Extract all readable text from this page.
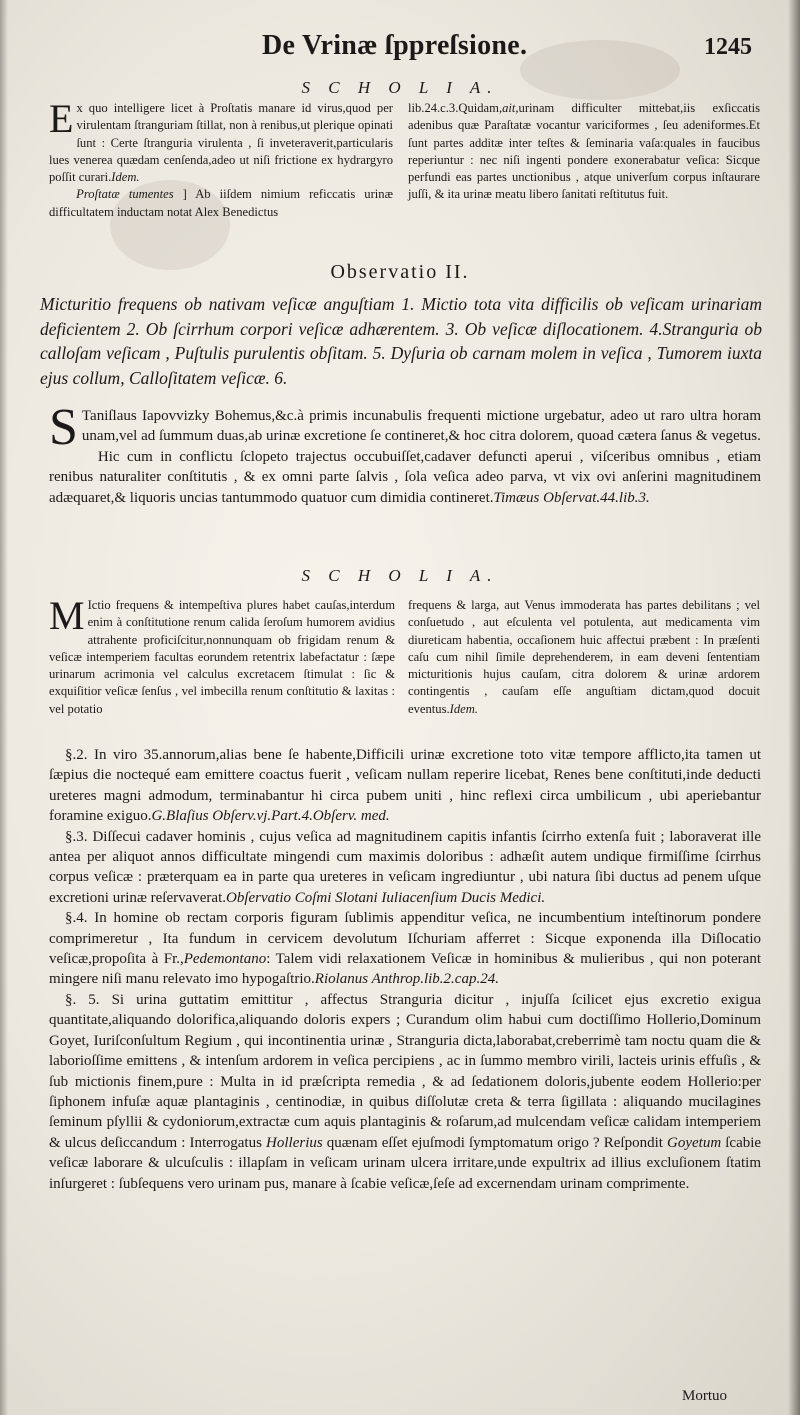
De Vrinæ ſppreſsione.	1245
S C H O L I A.

Ex quo intelligere licet à Proſtatis manare id virus,quod per virulentam ſtranguriam ſtillat, non à renibus,ut plerique opinati ſunt : Certe ſtranguria virulenta , ſi inveteraverit,particularis lues venerea quædam cenſenda,adeo ut niſi frictione ex hydrargyro poſſit curari.Idem.

Proſtatæ tumentes ] Ab iiſdem nimium reficcatis urinæ difficultatem inductam notat Alex Benedictus

lib.24.c.3.Quidam,ait,urinam difficulter mittebat,iis exſiccatis adenibus quæ Paraſtatæ vocantur variciformes , ſeu adeniformes.Et ſunt partes additæ inter teſtes & ſeminaria vaſa:quales in faucibus reperiuntur : nec niſi ingenti pondere exonerabatur veſica: Sicque perfundi eas partes unctionibus , atque univerſum corpus inſtaurare juſſi, & ita urinæ meatu libero ſanitati reſtitutus fuit.

Observatio II.

Micturitio frequens ob nativam veſicæ anguſtiam 1. Mictio tota vita difficilis ob veſicam urinariam deficientem 2. Ob ſcirrhum corpori veſicæ adhærentem. 3. Ob veſicæ diſlocationem. 4.Stranguria ob calloſam veſicam , Puſtulis purulentis obſitam. 5. Dyſuria ob carnam molem in veſica , Tumorem iuxta ejus collum, Calloſitatem veſicæ. 6.

S Taniſlaus Iapovvizky Bohemus,&c.à primis incunabulis frequenti mictione urgebatur, adeo ut raro ultra horam unam,vel ad ſummum duas,ab urinæ excretione ſe contineret,& hoc citra dolorem, quoad cætera ſanus & vegetus.

Hic cum in conflictu ſclopeto trajectus occubuiſſet,cadaver defuncti aperui , viſceribus omnibus , etiam renibus naturaliter conſtitutis , & ex omni parte ſalvis , ſola veſica adeo parva, vt vix ovi anſerini magnitudinem adæquaret,& liquoris uncias tantummodo quatuor cum dimidia contineret.Timæus Obſervat.44.lib.3.

S C H O L I A.

M Ictio frequens & intempeſtiva plures habet cauſas,interdum enim à conſtitutione renum calida ſeroſum humorem avidius attrahente proficiſcitur,nonnunquam ob frigidam renum & veſicæ intemperiem facultas eorundem retentrix labefactatur : ſæpe urinarum acrimonia vel calculus excretacem ſtimulat : ſic & exquiſitior veſicæ ſenſus , vel imbecilla renum conſtitutio & laxitas : vel potatio

frequens & larga, aut Venus immoderata has partes debilitans ; vel conſuetudo , aut eſculenta vel potulenta, aut medicamenta vim diureticam habentia, occaſionem huic affectui præbent : In præſenti caſu cum nihil ſimile deprehenderem, in eam deveni ſententiam micturitionis hujus cauſam, citra dolorem & urinæ ardorem contingentis , cauſam eſſe anguſtiam dictam,quod docuit eventus.Idem.

§.2. In viro 35.annorum,alias bene ſe habente,Difficili urinæ excretione toto vitæ tempore afflicto,ita tamen ut ſæpius die noctequé eam emittere coactus fuerit , veſicam nullam reperire licebat, Renes bene conſtituti,inde deducti ureteres magni admodum, terminabantur hi circa pubem uniti , hinc reflexi circa umbilicum , ubi aperiebantur foramine exiguo.G.Blaſius Obſerv.vj.Part.4.Obſerv. med.

§.3. Diſſecui cadaver hominis , cujus veſica ad magnitudinem capitis infantis ſcirrho extenſa fuit ; laboraverat ille antea per aliquot annos difficultate mingendi cum maximis doloribus : adhæſit autem undique firmiſſime ſcirrhus corpus veſicæ : præterquam ea in parte qua ureteres in veſicam ingrediuntur , ubi natura ſibi ductus ad penem uſque excretioni urinæ reſervaverat.Obſervatio Coſmi Slotani Iuliacenſium Ducis Medici.

§.4. In homine ob rectam corporis figuram ſublimis appenditur veſica, ne incumbentium inteſtinorum pondere comprimeretur , Ita fundum in cervicem devolutum Iſchuriam afferret : Sicque exponenda illa Diſlocatio veſicæ,propoſita à Fr.,Pedemontano: Talem vidi relaxationem Veſicæ in hominibus & mulieribus , qui non poterant mingere niſi manu relevato imo hypogaſtrio.Riolanus Anthrop.lib.2.cap.24.

§. 5. Si urina guttatim emittitur , affectus Stranguria dicitur , injuſſa ſcilicet ejus excretio exigua quantitate,aliquando dolorifica,aliquando doloris expers ; Curandum olim habui cum doctiſſimo Hollerio,Dominum Goyet, Iuriſconſultum Regium , qui incontinentia urinæ , Stranguria dicta,laborabat,creberrimè tam noctu quam die & laborioſſime emittens , & intenſum ardorem in veſica percipiens , ac in ſummo membro virili, lacteis urinis effuſis , & ſub mictionis finem,pure : Multa in id præſcripta remedia , & ad ſedationem doloris,jubente eodem Hollerio:per ſiphonem infuſæ aquæ plantaginis , centinodiæ, in quibus diſſolutæ creta & terra ſigillata : aliquando mucilagines ſeminum pſyllii & cydoniorum,extractæ cum aquis plantaginis & roſarum,ad mulcendam veſicæ calidam intemperiem & ulcus deſiccandum : Interrogatus Hollerius quænam eſſet ejuſmodi ſymptomatum origo ? Reſpondit Goyetum ſcabie veſicæ laborare & ulcuſculis : illapſam in veſicam urinam ulcera irritare,unde expultrix ad illius excluſionem ſtatim inſurgeret : ſubſequens vero urinam pus, manare à ſcabie veſicæ,ſeſe ad excernendam urinam comprimente.

Mortuo
